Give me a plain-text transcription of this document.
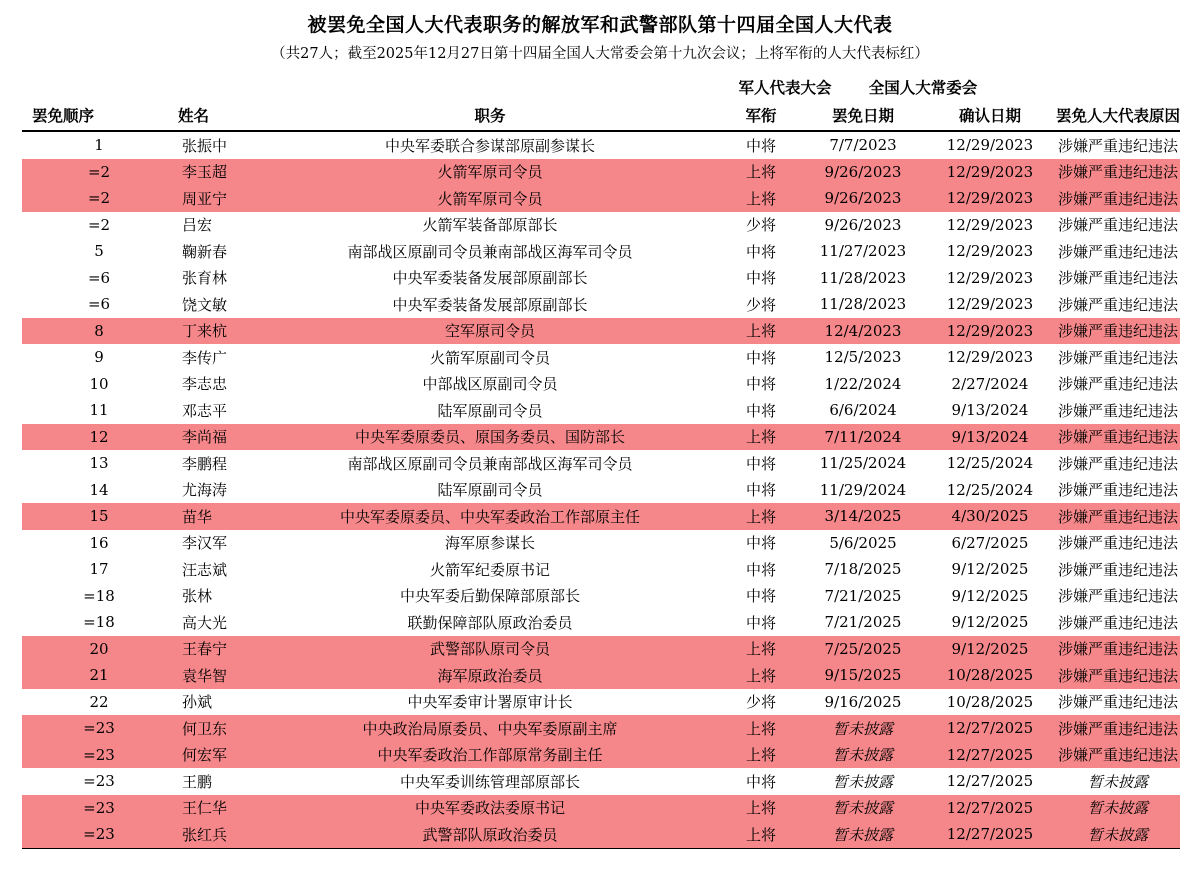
被罢免全国人大代表职务的解放军和武警部队第十四届全国人大代表
（共27人；截至2025年12月27日第十四届全国人大常委会第十九次会议；上将军衔的人大代表标红）
军人代表大会	全国人大常委会
罢免顺序	姓名	职务	军衔	罢免日期	确认日期	罢免人大代表原因
1	张振中	中央军委联合参谋部原副参谋长	中将	7/7/2023	12/29/2023	涉嫌严重违纪违法
=2	李玉超	火箭军原司令员	上将	9/26/2023	12/29/2023	涉嫌严重违纪违法
=2	周亚宁	火箭军原司令员	上将	9/26/2023	12/29/2023	涉嫌严重违纪违法
=2	吕宏	火箭军装备部原部长	少将	9/26/2023	12/29/2023	涉嫌严重违纪违法
5	鞠新春	南部战区原副司令员兼南部战区海军司令员	中将	11/27/2023	12/29/2023	涉嫌严重违纪违法
=6	张育林	中央军委装备发展部原副部长	中将	11/28/2023	12/29/2023	涉嫌严重违纪违法
=6	饶文敏	中央军委装备发展部原副部长	少将	11/28/2023	12/29/2023	涉嫌严重违纪违法
8	丁来杭	空军原司令员	上将	12/4/2023	12/29/2023	涉嫌严重违纪违法
9	李传广	火箭军原副司令员	中将	12/5/2023	12/29/2023	涉嫌严重违纪违法
10	李志忠	中部战区原副司令员	中将	1/22/2024	2/27/2024	涉嫌严重违纪违法
11	邓志平	陆军原副司令员	中将	6/6/2024	9/13/2024	涉嫌严重违纪违法
12	李尚福	中央军委原委员、原国务委员、国防部长	上将	7/11/2024	9/13/2024	涉嫌严重违纪违法
13	李鹏程	南部战区原副司令员兼南部战区海军司令员	中将	11/25/2024	12/25/2024	涉嫌严重违纪违法
14	尤海涛	陆军原副司令员	中将	11/29/2024	12/25/2024	涉嫌严重违纪违法
15	苗华	中央军委原委员、中央军委政治工作部原主任	上将	3/14/2025	4/30/2025	涉嫌严重违纪违法
16	李汉军	海军原参谋长	中将	5/6/2025	6/27/2025	涉嫌严重违纪违法
17	汪志斌	火箭军纪委原书记	中将	7/18/2025	9/12/2025	涉嫌严重违纪违法
=18	张林	中央军委后勤保障部原部长	中将	7/21/2025	9/12/2025	涉嫌严重违纪违法
=18	高大光	联勤保障部队原政治委员	中将	7/21/2025	9/12/2025	涉嫌严重违纪违法
20	王春宁	武警部队原司令员	上将	7/25/2025	9/12/2025	涉嫌严重违纪违法
21	袁华智	海军原政治委员	上将	9/15/2025	10/28/2025	涉嫌严重违纪违法
22	孙斌	中央军委审计署原审计长	少将	9/16/2025	10/28/2025	涉嫌严重违纪违法
=23	何卫东	中央政治局原委员、中央军委原副主席	上将	暂未披露	12/27/2025	涉嫌严重违纪违法
=23	何宏军	中央军委政治工作部原常务副主任	上将	暂未披露	12/27/2025	涉嫌严重违纪违法
=23	王鹏	中央军委训练管理部原部长	中将	暂未披露	12/27/2025	暂未披露
=23	王仁华	中央军委政法委原书记	上将	暂未披露	12/27/2025	暂未披露
=23	张红兵	武警部队原政治委员	上将	暂未披露	12/27/2025	暂未披露
